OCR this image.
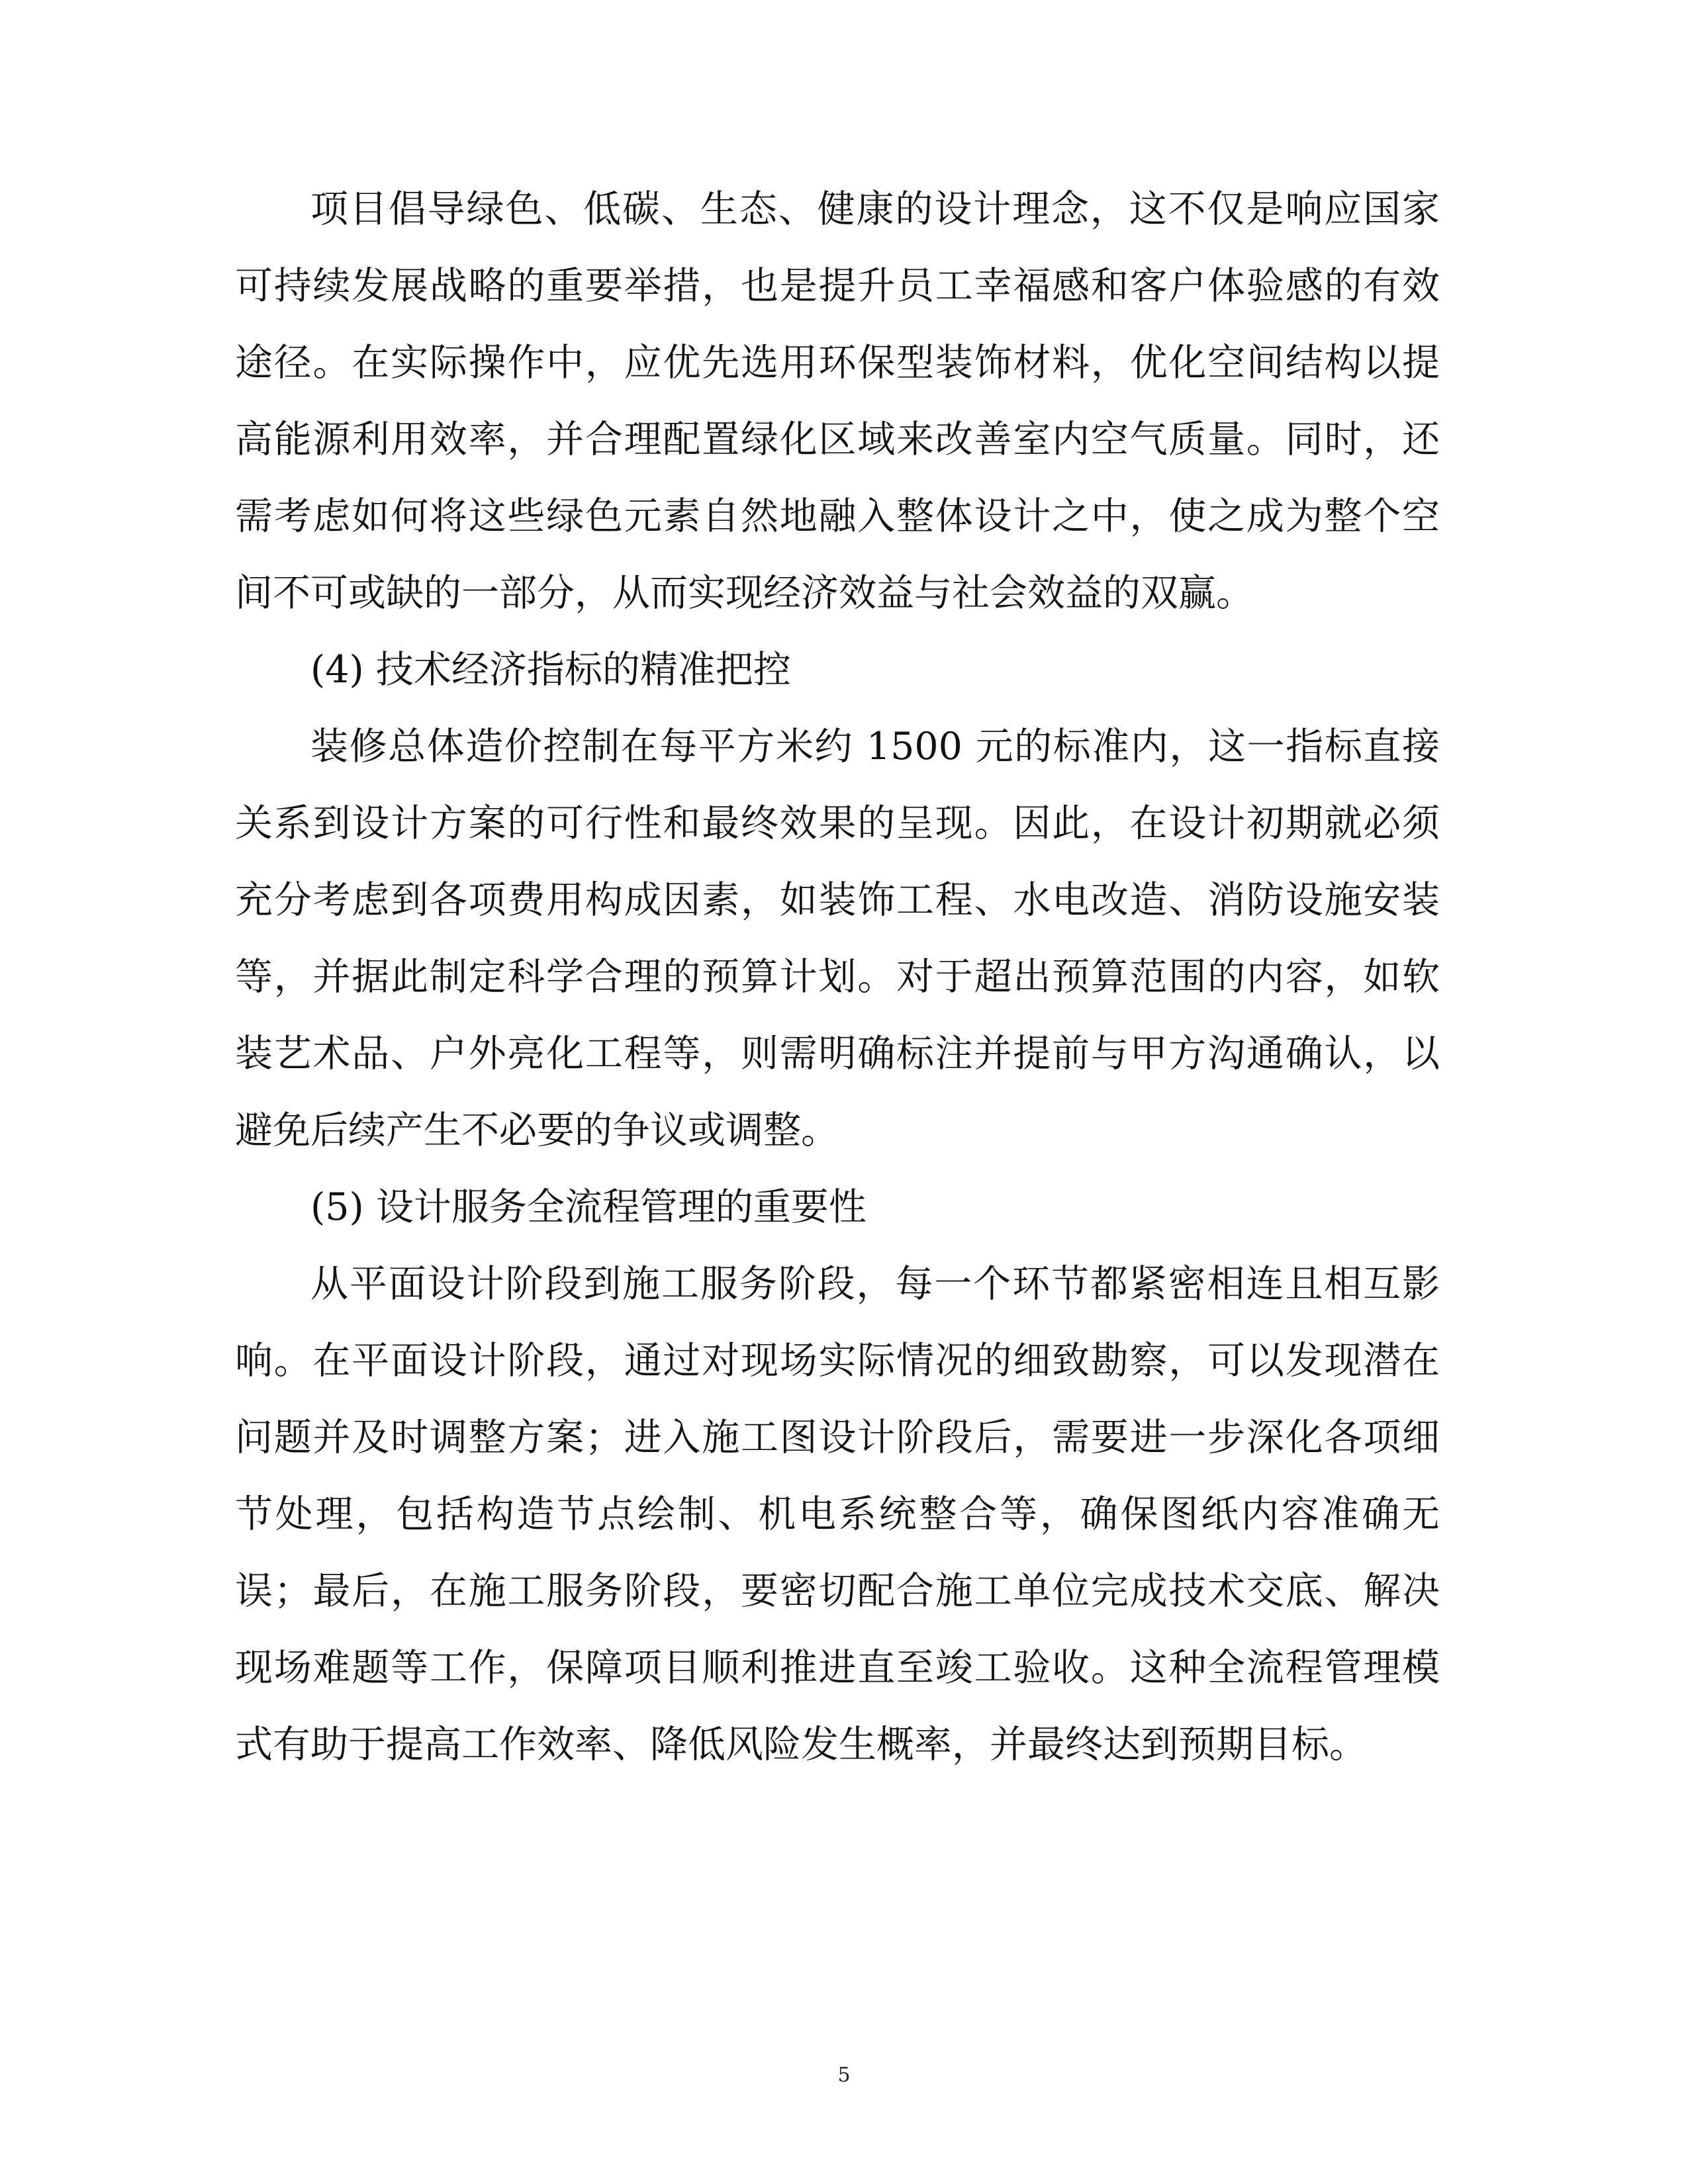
项目倡导绿色、低碳、生态、健康的设计理念，这不仅是响应国家可持续发展战略的重要举措，也是提升员工幸福感和客户体验感的有效途径。在实际操作中，应优先选用环保型装饰材料，优化空间结构以提高能源利用效率，并合理配置绿化区域来改善室内空气质量。同时，还需考虑如何将这些绿色元素自然地融入整体设计之中，使之成为整个空间不可或缺的一部分，从而实现经济效益与社会效益的双赢。

(4) 技术经济指标的精准把控

装修总体造价控制在每平方米约 1500 元的标准内，这一指标直接关系到设计方案的可行性和最终效果的呈现。因此，在设计初期就必须充分考虑到各项费用构成因素，如装饰工程、水电改造、消防设施安装等，并据此制定科学合理的预算计划。对于超出预算范围的内容，如软装艺术品、户外亮化工程等，则需明确标注并提前与甲方沟通确认，以避免后续产生不必要的争议或调整。

(5) 设计服务全流程管理的重要性

从平面设计阶段到施工服务阶段，每一个环节都紧密相连且相互影响。在平面设计阶段，通过对现场实际情况的细致勘察，可以发现潜在问题并及时调整方案；进入施工图设计阶段后，需要进一步深化各项细节处理，包括构造节点绘制、机电系统整合等，确保图纸内容准确无误；最后，在施工服务阶段，要密切配合施工单位完成技术交底、解决现场难题等工作，保障项目顺利推进直至竣工验收。这种全流程管理模式有助于提高工作效率、降低风险发生概率，并最终达到预期目标。

5
